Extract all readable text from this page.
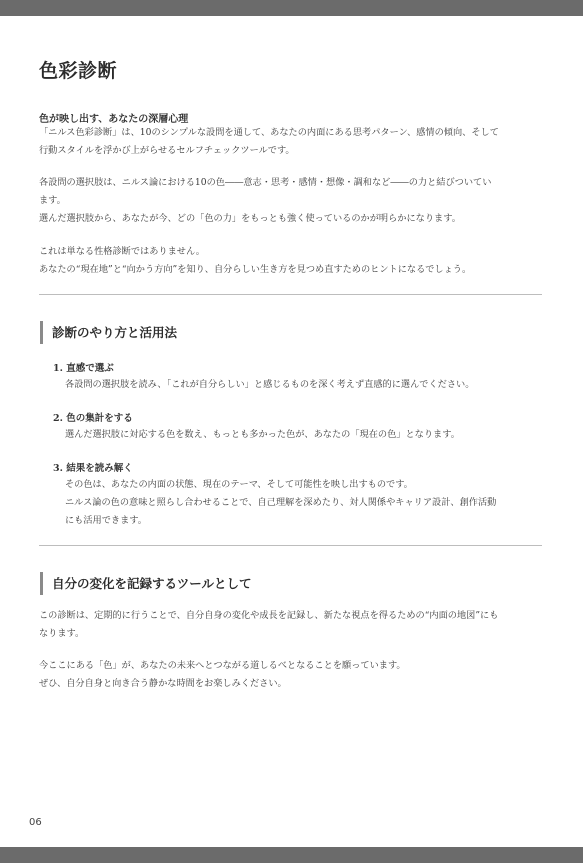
色彩診断
色が映し出す、あなたの深層心理
「ニルス色彩診断」は、10のシンプルな設問を通して、あなたの内面にある思考パターン、感情の傾向、そして
行動スタイルを浮かび上がらせるセルフチェックツールです。
各設問の選択肢は、ニルス論における10の色――意志・思考・感情・想像・調和など――の力と結びついてい
ます。
選んだ選択肢から、あなたが今、どの「色の力」をもっとも強く使っているのかが明らかになります。
これは単なる性格診断ではありません。
あなたの“現在地”と“向かう方向”を知り、自分らしい生き方を見つめ直すためのヒントになるでしょう。
診断のやり方と活用法
1. 直感で選ぶ
各設問の選択肢を読み、「これが自分らしい」と感じるものを深く考えず直感的に選んでください。
2. 色の集計をする
選んだ選択肢に対応する色を数え、もっとも多かった色が、あなたの「現在の色」となります。
3. 結果を読み解く
その色は、あなたの内面の状態、現在のテーマ、そして可能性を映し出すものです。
ニルス論の色の意味と照らし合わせることで、自己理解を深めたり、対人関係やキャリア設計、創作活動
にも活用できます。
自分の変化を記録するツールとして
この診断は、定期的に行うことで、自分自身の変化や成長を記録し、新たな視点を得るための“内面の地図”にも
なります。
今ここにある「色」が、あなたの未来へとつながる道しるべとなることを願っています。
ぜひ、自分自身と向き合う静かな時間をお楽しみください。
06
